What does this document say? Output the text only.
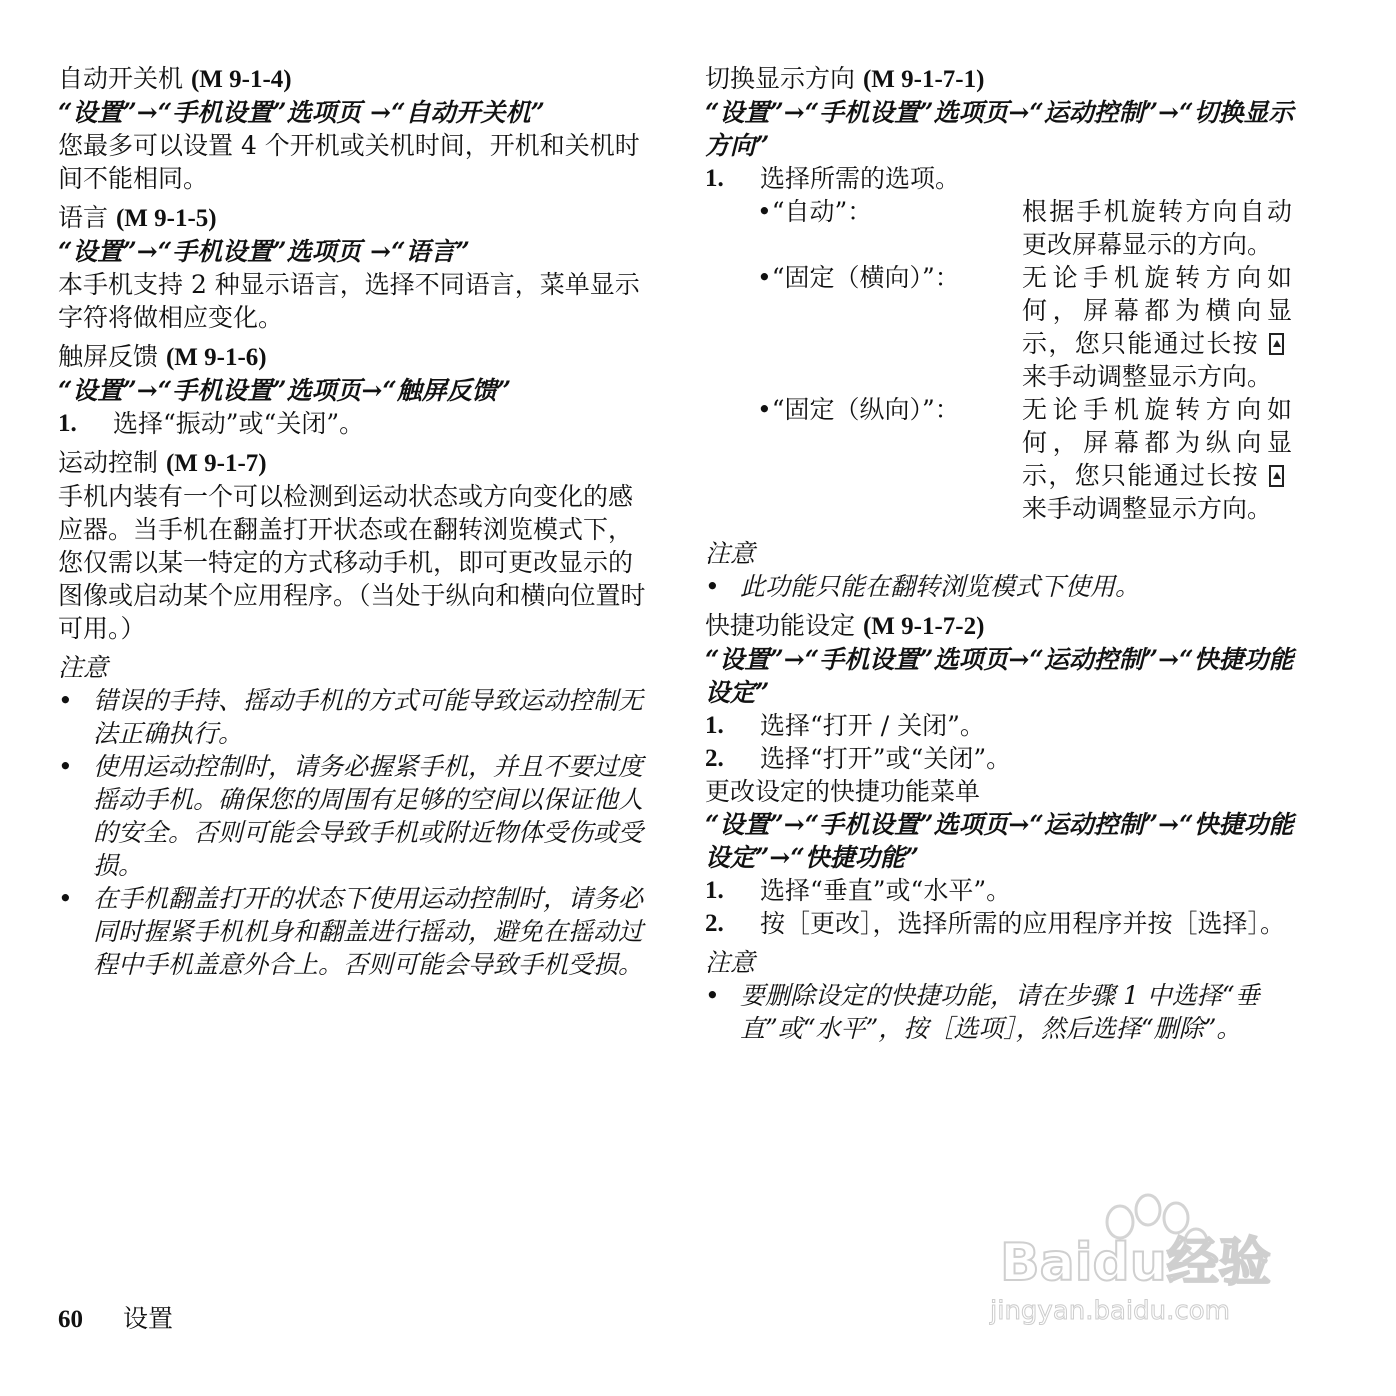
自动开关机 (M 9-1-4)
“设置”→“手机设置”选项页 →“自动开关机”
您最多可以设置 4 个开机或关机时间，开机和关机时间不能相同。
语言 (M 9-1-5)
“设置”→“手机设置”选项页 →“语言”
本手机支持 2 种显示语言，选择不同语言，菜单显示字符将做相应变化。
触屏反馈 (M 9-1-6)
“设置”→“手机设置”选项页→“触屏反馈”
1. 选择“振动”或“关闭”。
运动控制 (M 9-1-7)
手机内装有一个可以检测到运动状态或方向变化的感应器。当手机在翻盖打开状态或在翻转浏览模式下，您仅需以某一特定的方式移动手机，即可更改显示的图像或启动某个应用程序。（当处于纵向和横向位置时可用。）
注意
• 错误的手持、摇动手机的方式可能导致运动控制无法正确执行。
• 使用运动控制时，请务必握紧手机，并且不要过度摇动手机。确保您的周围有足够的空间以保证他人的安全。否则可能会导致手机或附近物体受伤或受损。
• 在手机翻盖打开的状态下使用运动控制时，请务必同时握紧手机机身和翻盖进行摇动，避免在摇动过程中手机盖意外合上。否则可能会导致手机受损。
切换显示方向 (M 9-1-7-1)
“设置”→“手机设置”选项页→“运动控制”→“切换显示方向”
1. 选择所需的选项。
•“自动”：	根据手机旋转方向自动更改屏幕显示的方向。
•“固定（横向）”：	无论手机旋转方向如何，屏幕都为横向显示，您只能通过长按来手动调整显示方向。
•“固定（纵向）”：	无论手机旋转方向如何，屏幕都为纵向显示，您只能通过长按来手动调整显示方向。
注意
• 此功能只能在翻转浏览模式下使用。
快捷功能设定 (M 9-1-7-2)
“设置”→“手机设置”选项页→“运动控制”→“快捷功能设定”
1. 选择“打开 / 关闭”。
2. 选择“打开”或“关闭”。
更改设定的快捷功能菜单
“设置”→“手机设置”选项页→“运动控制”→“快捷功能设定”→“快捷功能”
1. 选择“垂直”或“水平”。
2. 按［更改］，选择所需的应用程序并按［选择］。
注意
• 要删除设定的快捷功能，请在步骤 1 中选择“垂直”或“水平”，按［选项］，然后选择“删除”。
60 设置
Baidu经验
jingyan.baidu.com
